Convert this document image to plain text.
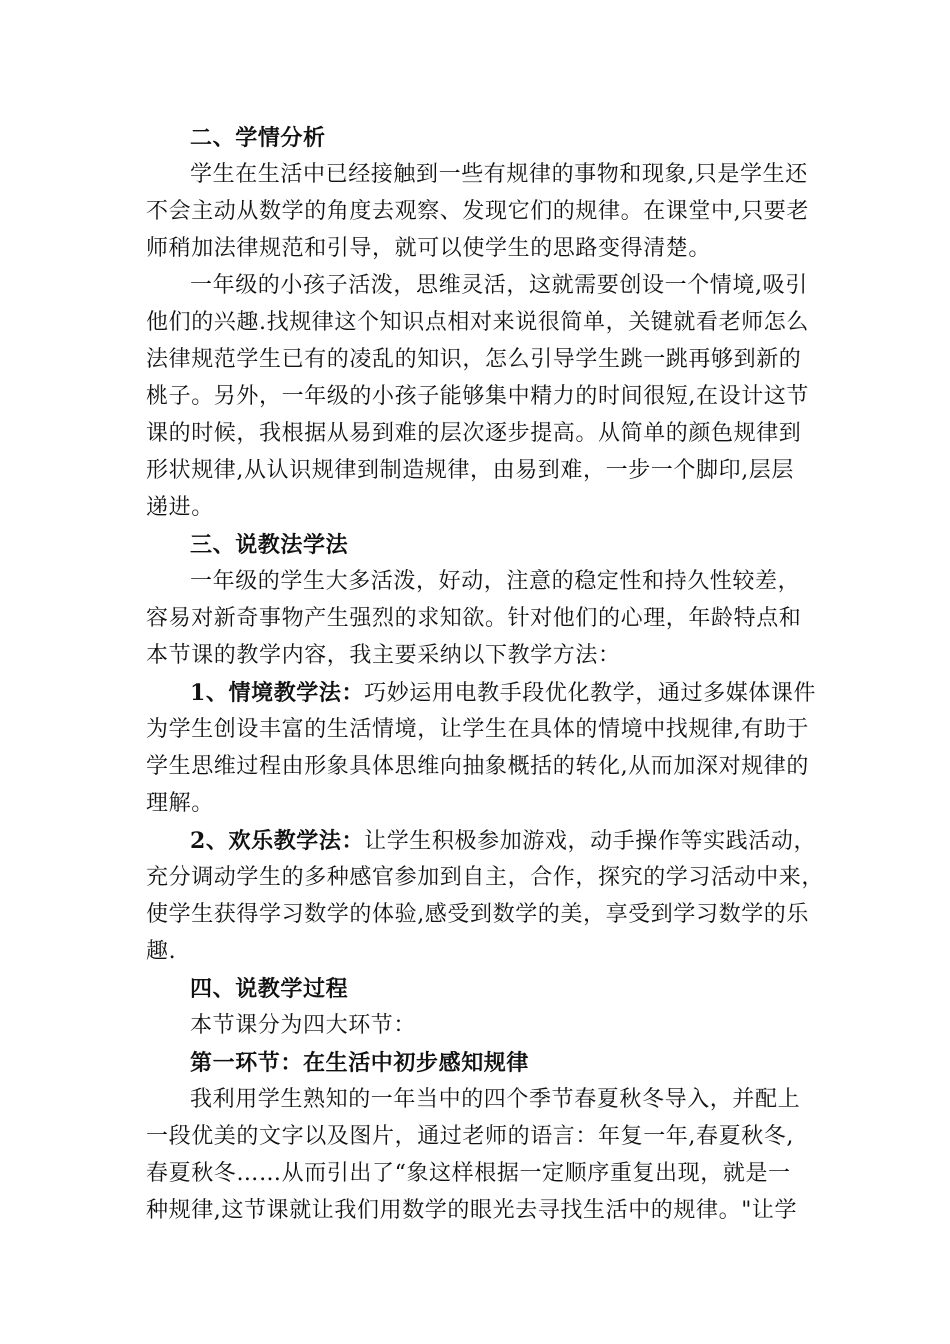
二、学情分析
学生在生活中已经接触到一些有规律的事物和现象,只是学生还
不会主动从数学的角度去观察、发现它们的规律。在课堂中,只要老
师稍加法律规范和引导，就可以使学生的思路变得清楚。
一年级的小孩子活泼，思维灵活，这就需要创设一个情境,吸引
他们的兴趣.找规律这个知识点相对来说很简单，关键就看老师怎么
法律规范学生已有的凌乱的知识，怎么引导学生跳一跳再够到新的
桃子。另外，一年级的小孩子能够集中精力的时间很短,在设计这节
课的时候，我根据从易到难的层次逐步提高。从简单的颜色规律到
形状规律,从认识规律到制造规律，由易到难，一步一个脚印,层层
递进。
三、说教法学法
一年级的学生大多活泼，好动，注意的稳定性和持久性较差，
容易对新奇事物产生强烈的求知欲。针对他们的心理，年龄特点和
本节课的教学内容，我主要采纳以下教学方法：
1、情境教学法：巧妙运用电教手段优化教学，通过多媒体课件
为学生创设丰富的生活情境，让学生在具体的情境中找规律,有助于
学生思维过程由形象具体思维向抽象概括的转化,从而加深对规律的
理解。
2、欢乐教学法：让学生积极参加游戏，动手操作等实践活动，
充分调动学生的多种感官参加到自主，合作，探究的学习活动中来，
使学生获得学习数学的体验,感受到数学的美，享受到学习数学的乐
趣.
四、说教学过程
本节课分为四大环节：
第一环节：在生活中初步感知规律
我利用学生熟知的一年当中的四个季节春夏秋冬导入，并配上
一段优美的文字以及图片，通过老师的语言：年复一年,春夏秋冬,
春夏秋冬……从而引出了“象这样根据一定顺序重复出现，就是一
种规律,这节课就让我们用数学的眼光去寻找生活中的规律。"让学
